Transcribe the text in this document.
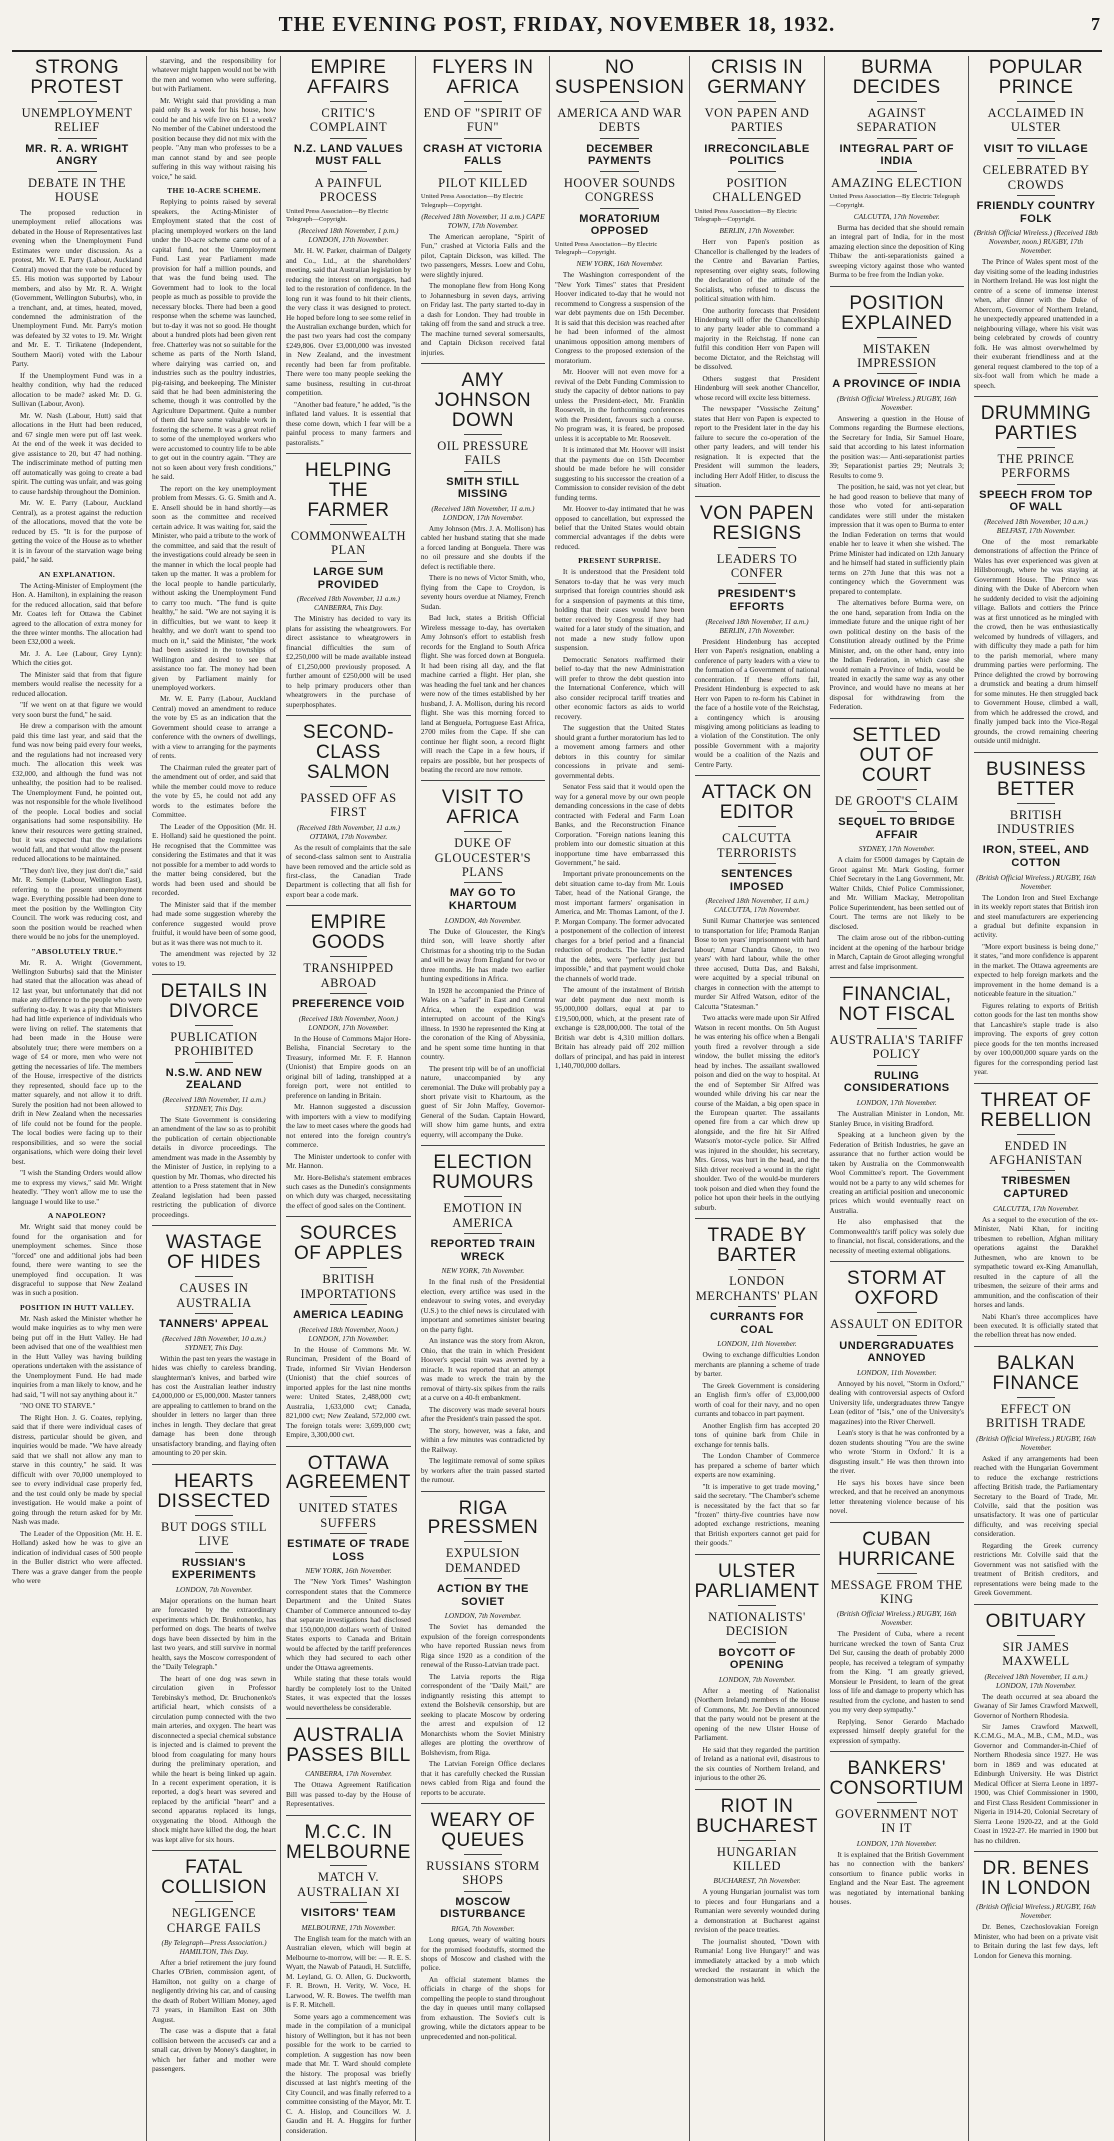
THE EVENING POST, FRIDAY, NOVEMBER 18, 1932.	7
STRONG PROTEST
UNEMPLOYMENT RELIEF
MR. R. A. WRIGHT ANGRY
DEBATE IN THE HOUSE

The proposed reduction in unemployment relief allocations was debated in the House of Representatives last evening when the Unemployment Fund Estimates were under discussion. As a protest, Mr. W. E. Parry (Labour, Auckland Central) moved that the vote be reduced by £5. His motion was supported by Labour members, and also by Mr. R. A. Wright (Government, Wellington Suburbs), who, in a trenchant, and, at times, heated, moved, condemned the administration of the Unemployment Fund. Mr. Parry's motion was defeated by 32 votes to 19. Mr. Wright and Mr. E. T. Tirikatene (Independent, Southern Maori) voted with the Labour Party.

If the Unemployment Fund was in a healthy condition, why had the reduced allocation to be made? asked Mr. D. G. Sullivan (Labour, Avon).

Mr. W. Nash (Labour, Hutt) said that allocations in the Hutt had been reduced, and 67 single men were put off last week. At the end of the week it was decided to give assistance to 20, but 47 had nothing. The indiscriminate method of putting men off automatically was going to create a bad spirit. The cutting was unfair, and was going to cause hardship throughout the Dominion.

Mr. W. E. Parry (Labour, Auckland Central), as a protest against the reduction of the allocations, moved that the vote be reduced by £5. "It is for the purpose of getting the voice of the House as to whether it is in favour of the starvation wage being paid," he said.

AN EXPLANATION.

The Acting-Minister of Employment (the Hon. A. Hamilton), in explaining the reason for the reduced allocation, said that before Mr. Coates left for Ottawa the Cabinet agreed to the allocation of extra money for the three winter months. The allocation had been £32,000 a week.

Mr. J. A. Lee (Labour, Grey Lynn): Which the cities got.

The Minister said that from that figure members would realise the necessity for a reduced allocation.

"If we went on at that figure we would very soon burst the fund," he said.

He drew a comparison with the amount paid this time last year, and said that the fund was now being paid every four weeks, and the regulations had not increased very much. The allocation this week was £32,000, and although the fund was not unhealthy, the position had to be realised. The Unemployment Fund, he pointed out, was not responsible for the whole livelihood of the people. Local bodies and social organisations had some responsibility. He knew their resources were getting strained, but it was expected that the regulations would fall, and that would allow the present reduced allocations to be maintained.

"They don't live, they just don't die," said Mr. R. Semple (Labour, Wellington East), referring to the present unemployment wage. Everything possible had been done to meet the position by the Wellington City Council. The work was reducing cost, and soon the position would be reached when there would be no jobs for the unemployed.

"ABSOLUTELY TRUE."

Mr. R. A. Wright (Government, Wellington Suburbs) said that the Minister had stated that the allocation was ahead of 12 last year, but unfortunately that did not make any difference to the people who were suffering to-day. It was a pity that Ministers had had little experience of individuals who were living on relief. The statements that had been made in the House were absolutely true; there were members on a wage of £4 or more, men who were not getting the necessaries of life. The members of the House, irrespective of the districts they represented, should face up to the matter squarely, and not allow it to drift. Surely the position had not been allowed to drift in New Zealand when the necessaries of life could not be found for the people. The local bodies were facing up to their responsibilities, and so were the social organisations, which were doing their level best.

"I wish the Standing Orders would allow me to express my views," said Mr. Wright heatedly. "They won't allow me to use the language I would like to use."

A NAPOLEON?

Mr. Wright said that money could be found for the organisation and for unemployment schemes. Since those "forced" one and additional jobs had been found, there were wanting to see the unemployed find occupation. It was disgraceful to suppose that New Zealand was in such a position.

POSITION IN HUTT VALLEY.

Mr. Nash asked the Minister whether he would make inquiries as to why men were being put off in the Hutt Valley. He had been advised that one of the wealthiest men in the Hutt Valley was having building operations undertaken with the assistance of the Unemployment Fund. He had made inquiries from a man likely to know, and he had said, "I will not say anything about it."

"NO ONE TO STARVE."

The Right Hon. J. G. Coates, replying, said that if there were individual cases of distress, particular should be given, and inquiries would be made. "We have already said that we shall not allow any man to starve in this country," he said. It was difficult with over 70,000 unemployed to see to every individual case properly fed, and the test could only be made by special investigation. He would make a point of going through the return asked for by Mr. Nash was made.

The Leader of the Opposition (Mr. H. E. Holland) asked how he was to give an indication of individual cases of 500 people in the Buller district who were affected. There was a grave danger from the people who were

starving, and the responsibility for whatever might happen would not be with the men and women who were suffering, but with Parliament.

Mr. Wright said that providing a man paid only 8s a week for his house, how could he and his wife live on £1 a week? No member of the Cabinet understood the position because they did not mix with the people. "Any man who professes to be a man cannot stand by and see people suffering in this way without raising his voice," he said.

THE 10-ACRE SCHEME.

Replying to points raised by several speakers, the Acting-Minister of Employment stated that the cost of placing unemployed workers on the land under the 10-acre scheme came out of a capital fund, not the Unemployment Fund. Last year Parliament made provision for half a million pounds, and that was the fund being used. The Government had to look to the local people as much as possible to provide the necessary blocks. There had been a good response when the scheme was launched, but to-day it was not so good. He thought about a hundred plots had been given rent free. Chatterley was not so suitable for the scheme as parts of the North Island, where dairying was carried on, and industries such as the poultry industries, pig-raising, and beekeeping. The Minister said that he had been administering the scheme, though it was controlled by the Agriculture Department. Quite a number of them did have some valuable work in fostering the scheme. It was a great relief to some of the unemployed workers who were accustomed to country life to be able to get out in the country again. "They are not so keen about very fresh conditions," he said.

The report on the key unemployment problem from Messrs. G. G. Smith and A. E. Ansell should be in hand shortly—as soon as the committee and received certain advice. It was waiting for, said the Minister, who paid a tribute to the work of the committee, and said that the result of the investigations could already be seen in the manner in which the local people had taken up the matter. It was a problem for the local people to handle particularly, without asking the Unemployment Fund to carry too much. "The fund is quite healthy," he said. "We are not saying it is in difficulties, but we want to keep it healthy, and we don't want to spend too much on it," said the Minister, "the work had been assisted in the townships of Wellington and desired to see that assistance too far. The money had been given by Parliament mainly for unemployed workers.

Mr. W. E. Parry (Labour, Auckland Central) moved an amendment to reduce the vote by £5 as an indication that the Government should cease to arrange a conference with the owners of dwellings, with a view to arranging for the payments of rents.

The Chairman ruled the greater part of the amendment out of order, and said that while the member could move to reduce the vote by £5, he could not add any words to the estimates before the Committee.

The Leader of the Opposition (Mr. H. E. Holland) said he questioned the point. He recognised that the Committee was considering the Estimates and that it was not possible for a member to add words to the matter being considered, but the words had been used and should be recorded.

The Minister said that if the member had made some suggestion whereby the conference suggested would prove fruitful, it would have been of some good, but as it was there was not much to it.

The amendment was rejected by 32 votes to 19.

DETAILS IN DIVORCE
PUBLICATION PROHIBITED
N.S.W. AND NEW ZEALAND
(Received 18th November, 11 a.m.) SYDNEY, This Day.

The State Government is considering an amendment of the law so as to prohibit the publication of certain objectionable details in divorce proceedings. The amendment was made in the Assembly by the Minister of Justice, in replying to a question by Mr. Thomas, who directed his attention to a Press statement that in New Zealand legislation had been passed restricting the publication of divorce proceedings.

WASTAGE OF HIDES
CAUSES IN AUSTRALIA
TANNERS' APPEAL
(Received 18th November, 10 a.m.) SYDNEY, This Day.

Within the past ten years the wastage in hides was chiefly to careless branding, slaughterman's knives, and barbed wire has cost the Australian leather industry £4,000,000 or £5,000,000. Master tanners are appealing to cattlemen to brand on the shoulder in letters no larger than three inches in length. They declare that great damage has been done through unsatisfactory branding, and flaying often amounting to 20 per skin.

HEARTS DISSECTED
BUT DOGS STILL LIVE
RUSSIAN'S EXPERIMENTS
LONDON, 7th November.

Major operations on the human heart are forecasted by the extraordinary experiments which Dr. Brukhonenko, has performed on dogs. The hearts of twelve dogs have been dissected by him in the last two years, and still survive in normal health, says the Moscow correspondent of the "Daily Telegraph."

The heart of one dog was sewn in circulation given in Professor Terebinsky's method, Dr. Bruchonenko's artificial heart, which consists of a circulation pump connected with the two main arteries, and oxygen. The heart was disconnected a special chemical substance is injected and is claimed to prevent the blood from coagulating for many hours during the preliminary operation, and while the heart is being linked up again. In a recent experiment operation, it is reported, a dog's heart was severed and replaced by the artificial "heart" and a second apparatus replaced its lungs, oxygenating the blood. Although the shock might have killed the dog, the heart was kept alive for six hours.

FATAL COLLISION
NEGLIGENCE CHARGE FAILS
(By Telegraph—Press Association.) HAMILTON, This Day.

After a brief retirement the jury found Charles O'Brien, commission agent, of Hamilton, not guilty on a charge of negligently driving his car, and of causing the death of Robert William Money, aged 73 years, in Hamilton East on 30th August.

The case was a dispute that a fatal collision between the accused's car and a small car, driven by Money's daughter, in which her father and mother were passengers.

EMPIRE AFFAIRS
CRITIC'S COMPLAINT
N.Z. LAND VALUES MUST FALL
A PAINFUL PROCESS
United Press Association—By Electric Telegraph—Copyright.
(Received 18th November, 1 p.m.) LONDON, 17th November.

Mr. H. W. Parker, chairman of Dalgety and Co., Ltd., at the shareholders' meeting, said that Australian legislation by reducing the interest on mortgages, had led to the restoration of confidence. In the long run it was found to hit their clients, the very class it was designed to protect. He hoped before long to see some relief in the Australian exchange burden, which for the past two years had cost the company £249,806. Over £3,000,000 was invested in New Zealand, and the investment recently had been far from profitable. There were too many people seeking the same business, resulting in cut-throat competition.

"Another bad feature," he added, "is the inflated land values. It is essential that these come down, which I fear will be a painful process to many farmers and pastoralists."

HELPING THE FARMER
COMMONWEALTH PLAN
LARGE SUM PROVIDED
(Received 18th November, 11 a.m.) CANBERRA, This Day.

The Ministry has decided to vary its plans for assisting the wheatgrowers. For direct assistance to wheatgrowers in financial difficulties the sum of £2,250,000 will be made available instead of £1,250,000 previously proposed. A further amount of £250,000 will be used to help primary producers other than wheatgrowers in the purchase of superphosphates.

SECOND-CLASS SALMON
PASSED OFF AS FIRST
(Received 18th November, 11 a.m.) OTTAWA, 17th November.

As the result of complaints that the sale of second-class salmon sent to Australia have been removed and the article sold as first-class, the Canadian Trade Department is collecting that all fish for export bear a code mark.

EMPIRE GOODS
TRANSHIPPED ABROAD
PREFERENCE VOID
(Received 18th November, Noon.) LONDON, 17th November.

In the House of Commons Major Hore-Belisha, Financial Secretary to the Treasury, informed Mr. F. F. Hannon (Unionist) that Empire goods on an original bill of lading, transhipped at a foreign port, were not entitled to preference on landing in Britain.

Mr. Hannon suggested a discussion with importers with a view to modifying the law to meet cases where the goods had not entered into the foreign country's commerce.

The Minister undertook to confer with Mr. Hannon.

Mr. Hore-Belisha's statement embraces such cases as the Dunedin's consignments on which duty was charged, necessitating the effect of good sales on the Continent.

SOURCES OF APPLES
BRITISH IMPORTATIONS
AMERICA LEADING
(Received 18th November, Noon.) LONDON, 17th November.

In the House of Commons Mr. W. Runciman, President of the Board of Trade, informed Sir Vivian Henderson (Unionist) that the chief sources of imported apples for the last nine months were: United States, 2,488,000 cwt; Australia, 1,633,000 cwt; Canada, 821,000 cwt; New Zealand, 572,000 cwt. The foreign totals were: 3,699,000 cwt; Empire, 3,300,000 cwt.

OTTAWA AGREEMENT
UNITED STATES SUFFERS
ESTIMATE OF TRADE LOSS
NEW YORK, 16th November.

The "New York Times" Washington correspondent states that the Commerce Department and the United States Chamber of Commerce announced to-day that separate investigations had disclosed that 150,000,000 dollars worth of United States exports to Canada and Britain would be affected by the tariff preferences which they had secured to each other under the Ottawa agreements.

While stating that these totals would hardly be completely lost to the United States, it was expected that the losses would nevertheless be considerable.

AUSTRALIA PASSES BILL
CANBERRA, 17th November.

The Ottawa Agreement Ratification Bill was passed to-day by the House of Representatives.

M.C.C. IN MELBOURNE
MATCH V. AUSTRALIAN XI
VISITORS' TEAM
MELBOURNE, 17th November.

The English team for the match with an Australian eleven, which will begin at Melbourne to-morrow, will be: — R. E. S. Wyatt, the Nawab of Pataudi, H. Sutcliffe, M. Leyland, G. O. Allen, G. Duckworth, F. R. Brown, H. Verity, W. Voce, H. Larwood, W. R. Bowes. The twelfth man is F. R. Mitchell.

Some years ago a commencement was made in the compilation of a municipal history of Wellington, but it has not been possible for the work to be carried to completion. A suggestion has now been made that Mr. T. Ward should complete the history. The proposal was briefly discussed at last night's meeting of the City Council, and was finally referred to a committee consisting of the Mayor, Mr. T. C. A. Hislop, and Councillors W. J. Gaudin and H. A. Huggins for further consideration.

FLYERS IN AFRICA
END OF "SPIRIT OF FUN"
CRASH AT VICTORIA FALLS
PILOT KILLED
United Press Association—By Electric Telegraph—Copyright.
(Received 18th November, 11 a.m.) CAPE TOWN, 17th November.

The American aeroplane, "Spirit of Fun," crashed at Victoria Falls and the pilot, Captain Dickson, was killed. The two passengers, Messrs. Loew and Cohu, were slightly injured.

The monoplane flew from Hong Kong to Johannesburg in seven days, arriving on Friday last. The party started to-day in a dash for London. They had trouble in taking off from the sand and struck a tree. The machine turned several somersaults, and Captain Dickson received fatal injuries.

AMY JOHNSON DOWN
OIL PRESSURE FAILS
SMITH STILL MISSING
(Received 18th November, 11 a.m.) LONDON, 17th November.

Amy Johnson (Mrs. J. A. Mollison) has cabled her husband stating that she made a forced landing at Bonguela. There was no oil pressure and she doubts if the defect is rectifiable there.

There is no news of Victor Smith, who, flying from the Cape to Croydon, is seventy hours overdue at Niamey, French Sudan.

Bad luck, states a British Official Wireless message to-day, has overtaken Amy Johnson's effort to establish fresh records for the England to South Africa flight. She was forced down at Bonguela. It had been rising all day, and the flat machine carried a flight. Her plan, she was heading the fuel tank and her chances were now of the times established by her husband, J. A. Mollison, during his record flight. She was this morning forced to land at Benguela, Portuguese East Africa, 2700 miles from the Cape. If she can continue her flight soon, a record flight will reach the Cape in a few hours, if repairs are possible, but her prospects of beating the record are now remote.

VISIT TO AFRICA
DUKE OF GLOUCESTER'S PLANS
MAY GO TO KHARTOUM
LONDON, 4th November.

The Duke of Gloucester, the King's third son, will leave shortly after Christmas for a shooting trip to the Sudan and will be away from England for two or three months. He has made two earlier hunting expeditions in Africa.

In 1928 he accompanied the Prince of Wales on a "safari" in East and Central Africa, when the expedition was interrupted on account of the King's illness. In 1930 he represented the King at the coronation of the King of Abyssinia, and he spent some time hunting in that country.

The present trip will be of an unofficial nature, unaccompanied by any ceremonial. The Duke will probably pay a short private visit to Khartoum, as the guest of Sir John Maffey, Governor-General of the Sudan. Captain Howard, will show him game hunts, and extra equerry, will accompany the Duke.

ELECTION RUMOURS
EMOTION IN AMERICA
REPORTED TRAIN WRECK
NEW YORK, 7th November.

In the final rush of the Presidential election, every artifice was used in the endeavour to swing votes, and everyday (U.S.) to the chief news is circulated with important and sometimes sinister bearing on the party fight.

An instance was the story from Akron, Ohio, that the train in which President Hoover's special train was averted by a miracle. It was reported that an attempt was made to wreck the train by the removal of thirty-six spikes from the rails at a curve on a 40-ft embankment.

The discovery was made several hours after the President's train passed the spot.

The story, however, was a fake, and within a few minutes was contradicted by the Railway.

The legitimate removal of some spikes by workers after the train passed started the rumour.

RIGA PRESSMEN
EXPULSION DEMANDED
ACTION BY THE SOVIET
LONDON, 7th November.

The Soviet has demanded the expulsion of the foreign correspondents who have reported Russian news from Riga since 1920 as a condition of the renewal of the Russo-Latvian trade pact.

The Latvia reports the Riga correspondent of the "Daily Mail," are indignantly resisting this attempt to extend the Bolshevik censorship, but are seeking to placate Moscow by ordering the arrest and expulsion of 12 Monarchists whom the Soviet Ministry alleges are plotting the overthrow of Bolshevism, from Riga.

The Latvian Foreign Office declares that it has carefully checked the Russian news cabled from Riga and found the reports to be accurate.

WEARY OF QUEUES
RUSSIANS STORM SHOPS
MOSCOW DISTURBANCE
RIGA, 7th November.

Long queues, weary of waiting hours for the promised foodstuffs, stormed the shops of Moscow and clashed with the police.

An official statement blames the officials in charge of the shops for compelling the people to stand throughout the day in queues until many collapsed from exhaustion. The Soviet's cult is growing, while the dictators appear to be unprecedented and non-political.

NO SUSPENSION
AMERICA AND WAR DEBTS
DECEMBER PAYMENTS
HOOVER SOUNDS CONGRESS
MORATORIUM OPPOSED
United Press Association—By Electric Telegraph—Copyright.
NEW YORK, 16th November.

The Washington correspondent of the "New York Times" states that President Hoover indicated to-day that he would not recommend to Congress a suspension of the war debt payments due on 15th December. It is said that this decision was reached after he had been informed of the almost unanimous opposition among members of Congress to the proposed extension of the moratorium.

Mr. Hoover will not even move for a revival of the Debt Funding Commission to study the capacity of debtor nations to pay unless the President-elect, Mr. Franklin Roosevelt, in the forthcoming conferences with the President, favours such a course. No program was, it is feared, be proposed unless it is acceptable to Mr. Roosevelt.

It is intimated that Mr. Hoover will insist that the payments due on 15th December should be made before he will consider suggesting to his successor the creation of a Commission to consider revision of the debt funding terms.

Mr. Hoover to-day intimated that he was opposed to cancellation, but expressed the belief that the United States would obtain commercial advantages if the debts were reduced.

PRESENT SURPRISE.

It is understood that the President told Senators to-day that he was very much surprised that foreign countries should ask for a suspension of payments at this time, holding that their cases would have been better received by Congress if they had waited for a later study of the situation, and not made a new study follow upon suspension.

Democratic Senators reaffirmed their belief to-day that the new Administration will prefer to throw the debt question into the International Conference, which will also consider reciprocal tariff treaties and other economic factors as aids to world recovery.

The suggestion that the United States should grant a further moratorium has led to a movement among farmers and other debtors in this country for similar concessions in private and semi-governmental debts.

Senator Fess said that it would open the way for a general move by our own people demanding concessions in the case of debts contracted with Federal and Farm Loan Banks, and the Reconstruction Finance Corporation. "Foreign nations leaning this problem into our domestic situation at this inopportune time have embarrassed this Government," he said.

Important private pronouncements on the debt situation came to-day from Mr. Louis Taber, head of the National Grange, the most important farmers' organisation in America, and Mr. Thomas Lamont, of the J. P. Morgan Company. The former advocated a postponement of the collection of interest charges for a brief period and a financial reduction of products. The latter declared that the debts, were "perfectly just but impossible," and that payment would choke the channels of world trade.

The amount of the instalment of British war debt payment due next month is 95,000,000 dollars, equal at par to £19,500,000, which, at the present rate of exchange is £28,000,000. The total of the British war debt is 4,310 million dollars. Britain has already paid off 202 million dollars of principal, and has paid in interest 1,140,700,000 dollars.

CRISIS IN GERMANY
VON PAPEN AND PARTIES
IRRECONCILABLE POLITICS
POSITION CHALLENGED
United Press Association—By Electric Telegraph—Copyright.
BERLIN, 17th November.

Herr von Papen's position as Chancellor is challenged by the leaders of the Centre and Bavarian Parties, representing over eighty seats, following the declaration of the attitude of the Socialists, who refused to discuss the political situation with him.

One authority forecasts that President Hindenburg will offer the Chancellorship to any party leader able to command a majority in the Reichstag. If none can fulfil this condition Herr von Papen will become Dictator, and the Reichstag will be dissolved.

Others suggest that President Hindenburg will seek another Chancellor, whose record will excite less bitterness.

The newspaper "Vossische Zeitung" states that Herr von Papen is expected to report to the President later in the day his failure to secure the co-operation of the other party leaders, and will tender his resignation. It is expected that the President will summon the leaders, including Herr Adolf Hitler, to discuss the situation.

VON PAPEN RESIGNS
LEADERS TO CONFER
PRESIDENT'S EFFORTS
(Received 18th November, 11 a.m.) BERLIN, 17th November.

President Hindenburg has accepted Herr von Papen's resignation, enabling a conference of party leaders with a view to the formation of a Government of national concentration. If these efforts fail, President Hindenburg is expected to ask Herr von Papen to re-form his Cabinet in the face of a hostile vote of the Reichstag, a contingency which is arousing misgiving among politicians as leading to a violation of the Constitution. The only possible Government with a majority would be a coalition of the Nazis and Centre Party.

ATTACK ON EDITOR
CALCUTTA TERRORISTS
SENTENCES IMPOSED
(Received 18th November, 11 a.m.) CALCUTTA, 17th November.

Sunil Kumar Chatterjee was sentenced to transportation for life; Pramoda Ranjan Bose to ten years' imprisonment with hard labour; Amar Chandra Ghose, to two years' with hard labour, while the other three accused, Dutta Das, and Bakshi, were acquitted by a special tribunal on charges in connection with the attempt to murder Sir Alfred Watson, editor of the Calcutta "Statesman."

Two attacks were made upon Sir Alfred Watson in recent months. On 5th August he was entering his office when a Bengali youth fired a revolver through a side window, the bullet missing the editor's head by inches. The assailant swallowed poison and died on the way to hospital. At the end of September Sir Alfred was wounded while driving his car near the course of the Maidan, a big open space in the European quarter. The assailants opened fire from a car which drew up alongside, and the fire hit Sir Alfred Watson's motor-cycle police. Sir Alfred was injured in the shoulder, his secretary, Mrs. Gross, was hurt in the head, and the Sikh driver received a wound in the right shoulder. Two of the would-be murderers took poison and died when they found the police hot upon their heels in the outlying suburb.

TRADE BY BARTER
LONDON MERCHANTS' PLAN
CURRANTS FOR COAL
LONDON, 11th November.

Owing to exchange difficulties London merchants are planning a scheme of trade by barter.

The Greek Government is considering an English firm's offer of £3,000,000 worth of coal for their navy, and no open currants and tobacco in part payment.

Another English firm has accepted 20 tons of quinine bark from Chile in exchange for tennis balls.

The London Chamber of Commerce has prepared a scheme of barter which experts are now examining.

"It is imperative to get trade moving," said the secretary. "The Chamber's scheme is necessitated by the fact that so far "frozen" thirty-five countries have now adopted exchange restrictions, meaning that British exporters cannot get paid for their goods."

ULSTER PARLIAMENT
NATIONALISTS' DECISION
BOYCOTT OF OPENING
LONDON, 7th November.

After a meeting of Nationalist (Northern Ireland) members of the House of Commons, Mr. Joe Devlin announced that the party would not be present at the opening of the new Ulster House of Parliament.

He said that they regarded the partition of Ireland as a national evil, disastrous to the six counties of Northern Ireland, and injurious to the other 26.

RIOT IN BUCHAREST
HUNGARIAN KILLED
BUCHAREST, 7th November.

A young Hungarian journalist was torn to pieces and four Hungarians and a Rumanian were severely wounded during a demonstration at Bucharest against revision of the peace treaties.

The journalist shouted, "Down with Rumania! Long live Hungary!" and was immediately attacked by a mob which wrecked the restaurant in which the demonstration was held.

BURMA DECIDES
AGAINST SEPARATION
INTEGRAL PART OF INDIA
AMAZING ELECTION
United Press Association—By Electric Telegraph—Copyright.
CALCUTTA, 17th November.

Burma has decided that she should remain an integral part of India, for in the most amazing election since the deposition of King Thibaw the anti-separationists gained a sweeping victory against those who wanted Burma to be free from the Indian yoke.

POSITION EXPLAINED
MISTAKEN IMPRESSION
A PROVINCE OF INDIA
(British Official Wireless.) RUGBY, 16th November.

Answering a question in the House of Commons regarding the Burmese elections, the Secretary for India, Sir Samuel Hoare, said that according to his latest information the position was:— Anti-separationist parties 39; Separationist parties 29; Neutrals 3; Results to come 9.

The position, he said, was not yet clear, but he had good reason to believe that many of those who voted for anti-separation candidates were still under the mistaken impression that it was open to Burma to enter the Indian Federation on terms that would enable her to leave it when she wished. The Prime Minister had indicated on 12th January and he himself had stated in sufficiently plain terms on 27th June that this was not a contingency which the Government was prepared to contemplate.

The alternatives before Burma were, on the one hand, separation from India on the immediate future and the unique right of her own political destiny on the basis of the Constitution already outlined by the Prime Minister, and, on the other hand, entry into the Indian Federation, in which case she would remain a Province of India, would be treated in exactly the same way as any other Province, and would have no means at her disposal for withdrawing from the Federation.

SETTLED OUT OF COURT
DE GROOT'S CLAIM
SEQUEL TO BRIDGE AFFAIR
SYDNEY, 17th November.

A claim for £5000 damages by Captain de Groot against Mr. Mark Gosling, former Chief Secretary in the Lang Government, Mr. Walter Childs, Chief Police Commissioner, and Mr. William Mackay, Metropolitan Police Superintendent, has been settled out of Court. The terms are not likely to be disclosed.

The claim arose out of the ribbon-cutting incident at the opening of the harbour bridge in March, Captain de Groot alleging wrongful arrest and false imprisonment.

FINANCIAL, NOT FISCAL
AUSTRALIA'S TARIFF POLICY
RULING CONSIDERATIONS
LONDON, 17th November.

The Australian Minister in London, Mr. Stanley Bruce, in visiting Bradford.

Speaking at a luncheon given by the Federation of British Industries, he gave an assurance that no further action would be taken by Australia on the Commonwealth Wool Committee's report. The Government would not be a party to any wild schemes for creating an artificial position and uneconomic prices which would eventually react on Australia.

He also emphasised that the Commonwealth's tariff policy was solely due to financial, not fiscal, considerations, and the necessity of meeting external obligations.

STORM AT OXFORD
ASSAULT ON EDITOR
UNDERGRADUATES ANNOYED
LONDON, 11th November.

Annoyed by his novel, "Storm in Oxford," dealing with controversial aspects of Oxford University life, undergraduates threw Tangye Lean (editor of "Isis," one of the University's magazines) into the River Cherwell.

Lean's story is that he was confronted by a dozen students shouting "You are the swine who wrote 'Storm in Oxford.' It is a disgusting insult." He was then thrown into the river.

He says his boxes have since been wrecked, and that he received an anonymous letter threatening violence because of his novel.

CUBAN HURRICANE
MESSAGE FROM THE KING
(British Official Wireless.) RUGBY, 16th November.

The President of Cuba, where a recent hurricane wrecked the town of Santa Cruz Del Sur, causing the death of probably 2000 people, has received a telegram of sympathy from the King. "I am greatly grieved, Monsieur le President, to learn of the great loss of life and damage to property which has resulted from the cyclone, and hasten to send you my very deep sympathy."

Replying, Senor Gerardo Machado expressed himself deeply grateful for the expression of sympathy.

BANKERS' CONSORTIUM
GOVERNMENT NOT IN IT
LONDON, 17th November.

It is explained that the British Government has no connection with the bankers' consortium to finance public works in England and the Near East. The agreement was negotiated by international banking houses.

POPULAR PRINCE
ACCLAIMED IN ULSTER
VISIT TO VILLAGE
CELEBRATED BY CROWDS
FRIENDLY COUNTRY FOLK
(British Official Wireless.) (Received 18th November, noon.) RUGBY, 17th November.

The Prince of Wales spent most of the day visiting some of the leading industries in Northern Ireland. He was lost night the centre of a scene of immense interest when, after dinner with the Duke of Abercorn, Governor of Northern Ireland, he unexpectedly appeared unattended in a neighbouring village, where his visit was being celebrated by crowds of country folk. He was almost overwhelmed by their exuberant friendliness and at the general request clambered to the top of a six-foot wall from which he made a speech.

DRUMMING PARTIES
THE PRINCE PERFORMS
SPEECH FROM TOP OF WALL
(Received 18th November, 10 a.m.) BELFAST, 17th November.

One of the most remarkable demonstrations of affection the Prince of Wales has ever experienced was given at Hillsborough, where he was staying at Government House. The Prince was dining with the Duke of Abercorn when he suddenly decided to visit the adjoining village. Ballots and cottiers the Prince was at first unnoticed as he mingled with the crowd, then he was enthusiastically welcomed by hundreds of villagers, and with difficulty they made a path for him to the parish memorial, where many drumming parties were performing. The Prince delighted the crowd by borrowing a drumstick and beating a drum himself for some minutes. He then struggled back to Government House, climbed a wall, from which he addressed the crowd, and finally jumped back into the Vice-Regal grounds, the crowd remaining cheering outside until midnight.

BUSINESS BETTER
BRITISH INDUSTRIES
IRON, STEEL, AND COTTON
(British Official Wireless.) RUGBY, 16th November.

The London Iron and Steel Exchange in its weekly report states that British iron and steel manufacturers are experiencing a gradual but definite expansion in activity.

"More export business is being done," it states, "and more confidence is apparent in the market. The Ottawa agreements are expected to help foreign markets and the improvement in the home demand is a noticeable feature in the situation."

Figures relating to exports of British cotton goods for the last ten months show that Lancashire's staple trade is also improving. The exports of grey cotton piece goods for the ten months increased by over 100,000,000 square yards on the figures for the corresponding period last year.

THREAT OF REBELLION
ENDED IN AFGHANISTAN
TRIBESMEN CAPTURED
CALCUTTA, 17th November.

As a sequel to the execution of the ex-Minister, Nabi Khan, for inciting tribesmen to rebellion, Afghan military operations against the Darakhel Juthesmen, who are known to be sympathetic toward ex-King Amanullah, resulted in the capture of all the tribesmen, the seizure of their arms and ammunition, and the confiscation of their horses and lands.

Nabi Khan's three accomplices have been executed. It is officially stated that the rebellion threat has now ended.

BALKAN FINANCE
EFFECT ON BRITISH TRADE
(British Official Wireless.) RUGBY, 16th November.

Asked if any arrangements had been reached with the Hungarian Government to reduce the exchange restrictions affecting British trade, the Parliamentary Secretary to the Board of Trade, Mr. Colville, said that the position was unsatisfactory. It was one of particular difficulty, and was receiving special consideration.

Regarding the Greek currency restrictions Mr. Colville said that the Government was not satisfied with the treatment of British creditors, and representations were being made to the Greek Government.

OBITUARY
SIR JAMES MAXWELL
(Received 18th November, 11 a.m.) LONDON, 17th November.

The death occurred at sea aboard the Gwanay of Sir James Crawford Maxwell, Governor of Northern Rhodesia.

Sir James Crawford Maxwell, K.C.M.G., M.A., M.B., C.M., M.D., was Governor and Commander-in-Chief of Northern Rhodesia since 1927. He was born in 1869 and was educated at Edinburgh University. He was District Medical Officer at Sierra Leone in 1897-1900, was Chief Commissioner in 1900, and First Class Resident Commissioner in Nigeria in 1914-20, Colonial Secretary of Sierra Leone 1920-22, and at the Gold Coast in 1922-27. He married in 1900 but has no children.

DR. BENES IN LONDON
(British Official Wireless.) RUGBY, 16th November.

Dr. Benes, Czechoslovakian Foreign Minister, who had been on a private visit to Britain during the last few days, left London for Geneva this morning.
